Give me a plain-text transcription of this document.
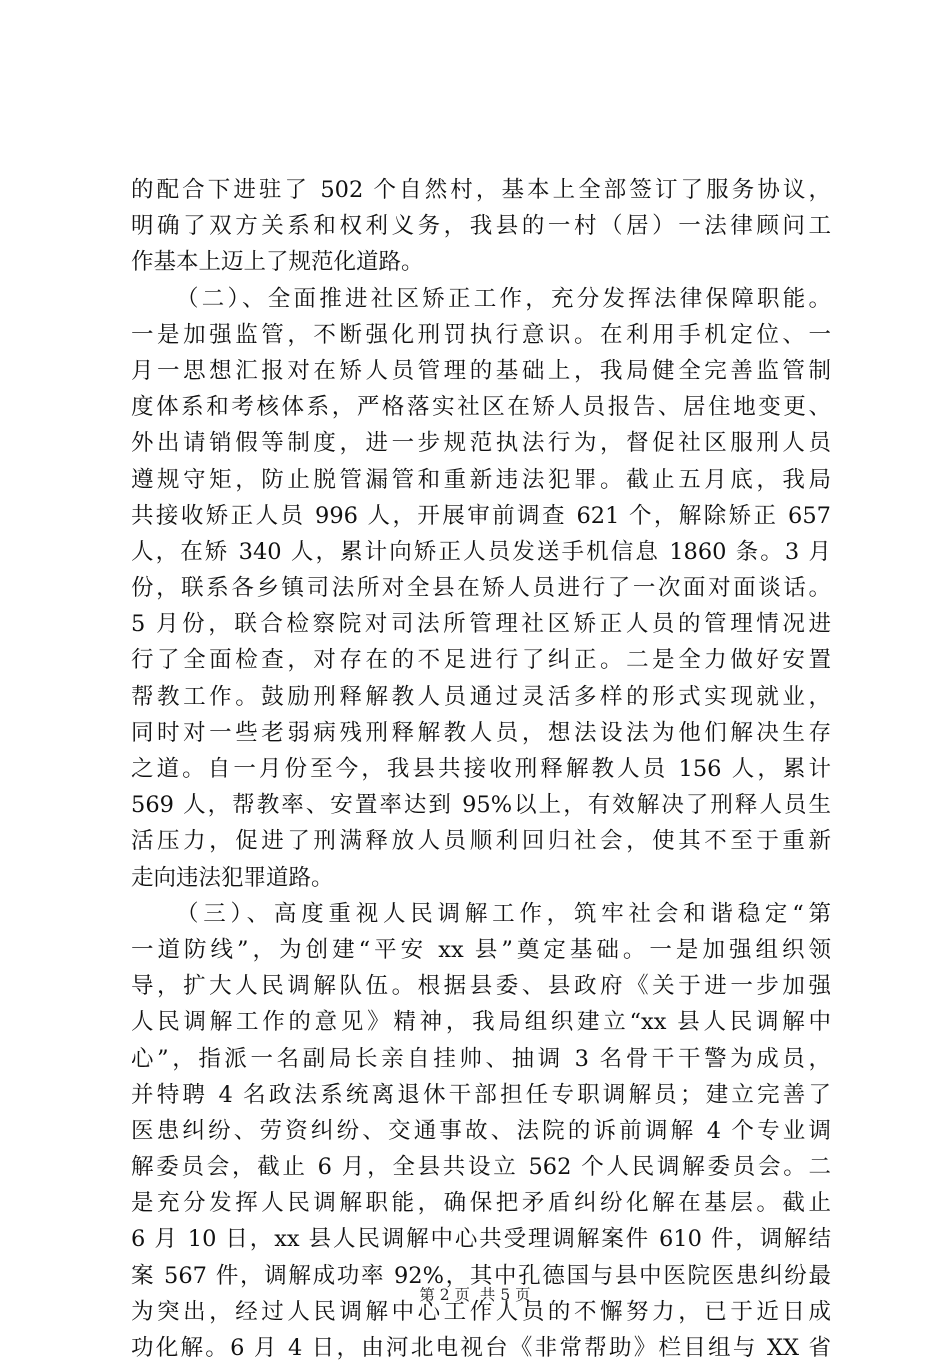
的配合下进驻了 502 个自然村，基本上全部签订了服务协议，
明确了双方关系和权利义务，我县的一村（居）一法律顾问工
作基本上迈上了规范化道路。
（二）、全面推进社区矫正工作，充分发挥法律保障职能。
一是加强监管，不断强化刑罚执行意识。在利用手机定位、一
月一思想汇报对在矫人员管理的基础上，我局健全完善监管制
度体系和考核体系，严格落实社区在矫人员报告、居住地变更、
外出请销假等制度，进一步规范执法行为，督促社区服刑人员
遵规守矩，防止脱管漏管和重新违法犯罪。截止五月底，我局
共接收矫正人员 996 人，开展审前调查 621 个，解除矫正 657
人，在矫 340 人，累计向矫正人员发送手机信息 1860 条。3 月
份，联系各乡镇司法所对全县在矫人员进行了一次面对面谈话。
5 月份，联合检察院对司法所管理社区矫正人员的管理情况进
行了全面检查，对存在的不足进行了纠正。二是全力做好安置
帮教工作。鼓励刑释解教人员通过灵活多样的形式实现就业，
同时对一些老弱病残刑释解教人员，想法设法为他们解决生存
之道。自一月份至今，我县共接收刑释解教人员 156 人，累计
569 人，帮教率、安置率达到 95%以上，有效解决了刑释人员生
活压力，促进了刑满释放人员顺利回归社会，使其不至于重新
走向违法犯罪道路。
（三）、高度重视人民调解工作，筑牢社会和谐稳定“第
一道防线”，为创建“平安 xx 县”奠定基础。一是加强组织领
导，扩大人民调解队伍。根据县委、县政府《关于进一步加强
人民调解工作的意见》精神，我局组织建立“xx 县人民调解中
心”，指派一名副局长亲自挂帅、抽调 3 名骨干干警为成员，
并特聘 4 名政法系统离退休干部担任专职调解员；建立完善了
医患纠纷、劳资纠纷、交通事故、法院的诉前调解 4 个专业调
解委员会，截止 6 月，全县共设立 562 个人民调解委员会。二
是充分发挥人民调解职能，确保把矛盾纠纷化解在基层。截止
6 月 10 日，xx 县人民调解中心共受理调解案件 610 件，调解结
案 567 件，调解成功率 92%，其中孔德国与县中医院医患纠纷最
为突出，经过人民调解中心工作人员的不懈努力，已于近日成
功化解。6 月 4 日，由河北电视台《非常帮助》栏目组与 XX 省
第 2 页 共 5 页
